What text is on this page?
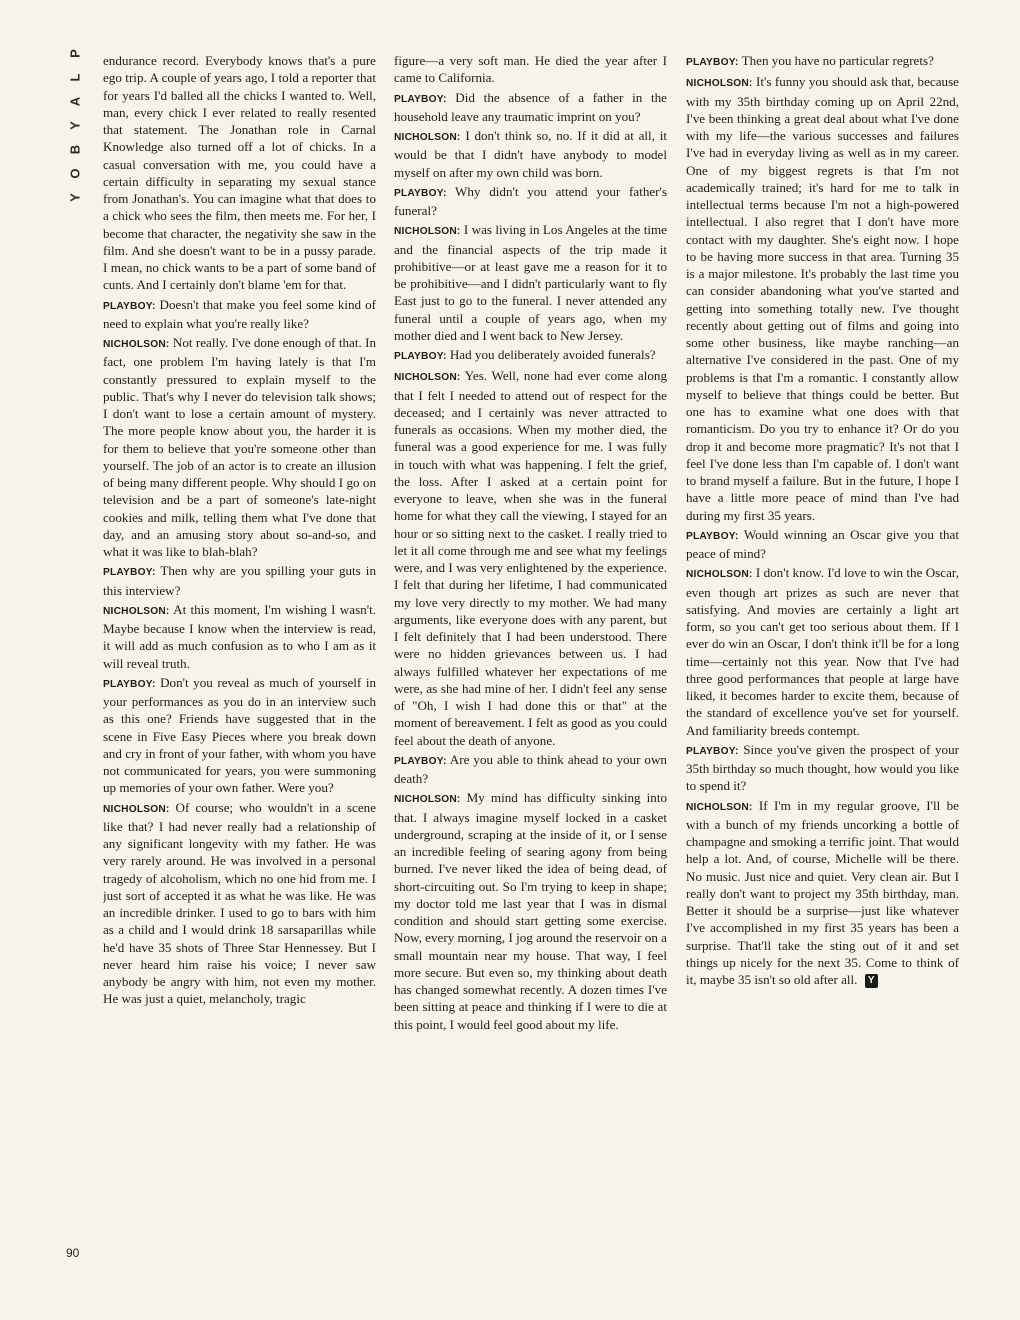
P
L
A
Y
B
O
Y
90

endurance record. Everybody knows that's a pure ego trip. A couple of years ago, I told a reporter that for years I'd balled all the chicks I wanted to. Well, man, every chick I ever related to really resented that statement. The Jonathan role in Carnal Knowledge also turned off a lot of chicks. In a casual conversation with me, you could have a certain difficulty in separating my sexual stance from Jonathan's. You can imagine what that does to a chick who sees the film, then meets me. For her, I become that character, the negativity she saw in the film. And she doesn't want to be in a pussy parade. I mean, no chick wants to be a part of some band of cunts. And I certainly don't blame 'em for that.

PLAYBOY: Doesn't that make you feel some kind of need to explain what you're really like?

NICHOLSON: Not really. I've done enough of that. In fact, one problem I'm having lately is that I'm constantly pressured to explain myself to the public. That's why I never do television talk shows; I don't want to lose a certain amount of mystery. The more people know about you, the harder it is for them to believe that you're someone other than yourself. The job of an actor is to create an illusion of being many different people. Why should I go on television and be a part of someone's late-night cookies and milk, telling them what I've done that day, and an amusing story about so-and-so, and what it was like to blah-blah?

PLAYBOY: Then why are you spilling your guts in this interview?

NICHOLSON: At this moment, I'm wishing I wasn't. Maybe because I know when the interview is read, it will add as much confusion as to who I am as it will reveal truth.

PLAYBOY: Don't you reveal as much of yourself in your performances as you do in an interview such as this one? Friends have suggested that in the scene in Five Easy Pieces where you break down and cry in front of your father, with whom you have not communicated for years, you were summoning up memories of your own father. Were you?

NICHOLSON: Of course; who wouldn't in a scene like that? I had never really had a relationship of any significant longevity with my father. He was very rarely around. He was involved in a personal tragedy of alcoholism, which no one hid from me. I just sort of accepted it as what he was like. He was an incredible drinker. I used to go to bars with him as a child and I would drink 18 sarsaparillas while he'd have 35 shots of Three Star Hennessey. But I never heard him raise his voice; I never saw anybody be angry with him, not even my mother. He was just a quiet, melancholy, tragic

figure—a very soft man. He died the year after I came to California.

PLAYBOY: Did the absence of a father in the household leave any traumatic imprint on you?

NICHOLSON: I don't think so, no. If it did at all, it would be that I didn't have anybody to model myself on after my own child was born.

PLAYBOY: Why didn't you attend your father's funeral?

NICHOLSON: I was living in Los Angeles at the time and the financial aspects of the trip made it prohibitive—or at least gave me a reason for it to be prohibitive—and I didn't particularly want to fly East just to go to the funeral. I never attended any funeral until a couple of years ago, when my mother died and I went back to New Jersey.

PLAYBOY: Had you deliberately avoided funerals?

NICHOLSON: Yes. Well, none had ever come along that I felt I needed to attend out of respect for the deceased; and I certainly was never attracted to funerals as occasions. When my mother died, the funeral was a good experience for me. I was fully in touch with what was happening. I felt the grief, the loss. After I asked at a certain point for everyone to leave, when she was in the funeral home for what they call the viewing, I stayed for an hour or so sitting next to the casket. I really tried to let it all come through me and see what my feelings were, and I was very enlightened by the experience. I felt that during her lifetime, I had communicated my love very directly to my mother. We had many arguments, like everyone does with any parent, but I felt definitely that I had been understood. There were no hidden grievances between us. I had always fulfilled whatever her expectations of me were, as she had mine of her. I didn't feel any sense of "Oh, I wish I had done this or that" at the moment of bereavement. I felt as good as you could feel about the death of anyone.

PLAYBOY: Are you able to think ahead to your own death?

NICHOLSON: My mind has difficulty sinking into that. I always imagine myself locked in a casket underground, scraping at the inside of it, or I sense an incredible feeling of searing agony from being burned. I've never liked the idea of being dead, of short-circuiting out. So I'm trying to keep in shape; my doctor told me last year that I was in dismal condition and should start getting some exercise. Now, every morning, I jog around the reservoir on a small mountain near my house. That way, I feel more secure. But even so, my thinking about death has changed somewhat recently. A dozen times I've been sitting at peace and thinking if I were to die at this point, I would feel good about my life.

PLAYBOY: Then you have no particular regrets?

NICHOLSON: It's funny you should ask that, because with my 35th birthday coming up on April 22nd, I've been thinking a great deal about what I've done with my life—the various successes and failures I've had in everyday living as well as in my career. One of my biggest regrets is that I'm not academically trained; it's hard for me to talk in intellectual terms because I'm not a high-powered intellectual. I also regret that I don't have more contact with my daughter. She's eight now. I hope to be having more success in that area. Turning 35 is a major milestone. It's probably the last time you can consider abandoning what you've started and getting into something totally new. I've thought recently about getting out of films and going into some other business, like maybe ranching—an alternative I've considered in the past. One of my problems is that I'm a romantic. I constantly allow myself to believe that things could be better. But one has to examine what one does with that romanticism. Do you try to enhance it? Or do you drop it and become more pragmatic? It's not that I feel I've done less than I'm capable of. I don't want to brand myself a failure. But in the future, I hope I have a little more peace of mind than I've had during my first 35 years.

PLAYBOY: Would winning an Oscar give you that peace of mind?

NICHOLSON: I don't know. I'd love to win the Oscar, even though art prizes as such are never that satisfying. And movies are certainly a light art form, so you can't get too serious about them. If I ever do win an Oscar, I don't think it'll be for a long time—certainly not this year. Now that I've had three good performances that people at large have liked, it becomes harder to excite them, because of the standard of excellence you've set for yourself. And familiarity breeds contempt.

PLAYBOY: Since you've given the prospect of your 35th birthday so much thought, how would you like to spend it?

NICHOLSON: If I'm in my regular groove, I'll be with a bunch of my friends uncorking a bottle of champagne and smoking a terrific joint. That would help a lot. And, of course, Michelle will be there. No music. Just nice and quiet. Very clean air. But I really don't want to project my 35th birthday, man. Better it should be a surprise—just like whatever I've accomplished in my first 35 years has been a surprise. That'll take the sting out of it and set things up nicely for the next 35. Come to think of it, maybe 35 isn't so old after all. Y
